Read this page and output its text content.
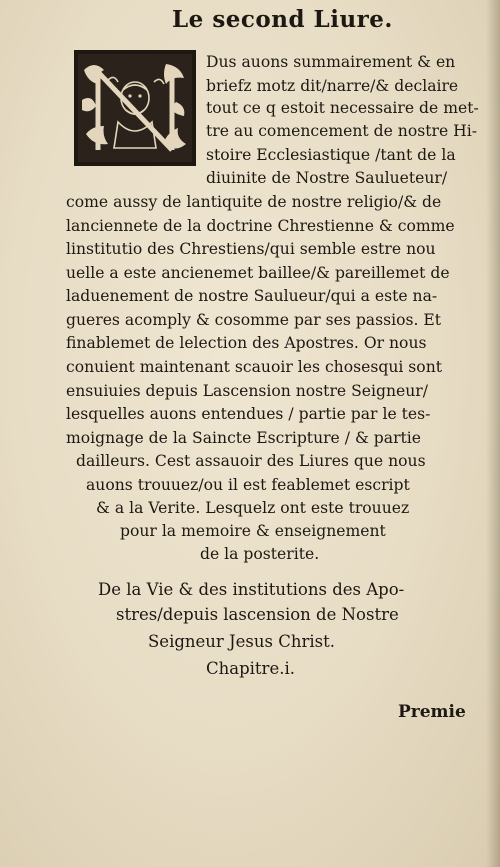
Le second Liure.
Dus auons summairement & en
briefz motz dit/narre/& declaire
tout ce q estoit necessaire de met-
tre au comencement de nostre Hi-
stoire Ecclesiastique /tant de la
diuinite de Nostre Saulueteur/
come aussy de lantiquite de nostre religio/& de
lanciennete de la doctrine Chrestienne & comme
linstitutio des Chrestiens/qui semble estre nou
uelle a este ancienemet baillee/& pareillemet de
laduenement de nostre Saulueur/qui a este na-
gueres acomply & cosomme par ses passios. Et
finablemet de lelection des Apostres. Or nous
conuient maintenant scauoir les chosesqui sont
ensuiuies depuis Lascension nostre Seigneur/
lesquelles auons entendues / partie par le tes-
moignage de la Saincte Escripture / & partie
dailleurs. Cest assauoir des Liures que nous
auons trouuez/ou il est feablemet escript
& a la Verite. Lesquelz ont este trouuez
pour la memoire & enseignement
de la posterite.
De la Vie & des institutions des Apo-
stres/depuis lascension de Nostre
Seigneur Jesus Christ.
Chapitre.i.
Premie
